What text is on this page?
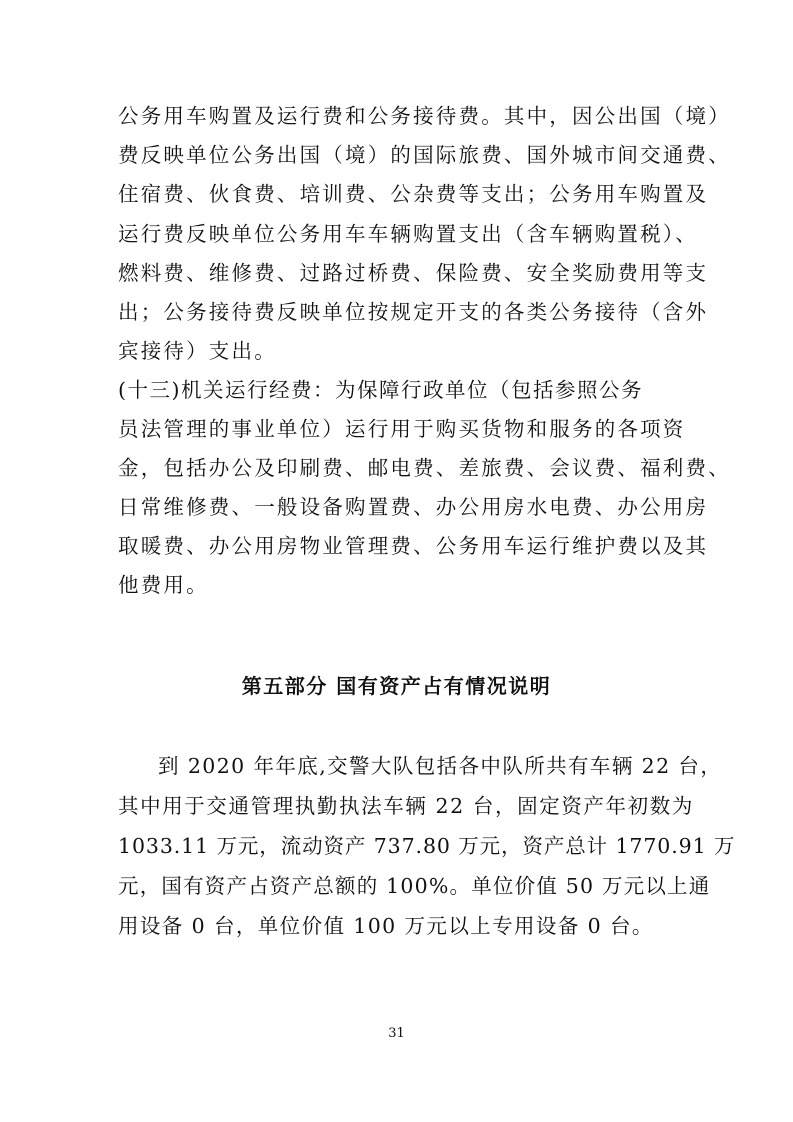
公务用车购置及运行费和公务接待费。其中，因公出国（境）
费反映单位公务出国（境）的国际旅费、国外城市间交通费、
住宿费、伙食费、培训费、公杂费等支出；公务用车购置及
运行费反映单位公务用车车辆购置支出（含车辆购置税）、
燃料费、维修费、过路过桥费、保险费、安全奖励费用等支
出；公务接待费反映单位按规定开支的各类公务接待（含外
宾接待）支出。
(十三)机关运行经费：为保障行政单位（包括参照公务
员法管理的事业单位）运行用于购买货物和服务的各项资
金，包括办公及印刷费、邮电费、差旅费、会议费、福利费、
日常维修费、一般设备购置费、办公用房水电费、办公用房
取暖费、办公用房物业管理费、公务用车运行维护费以及其
他费用。
第五部分 国有资产占有情况说明
到 2020 年年底,交警大队包括各中队所共有车辆 22 台，
其中用于交通管理执勤执法车辆 22 台，固定资产年初数为
1033.11 万元，流动资产 737.80 万元，资产总计 1770.91 万
元，国有资产占资产总额的 100%。单位价值 50 万元以上通
用设备 0 台，单位价值 100 万元以上专用设备 0 台。
31
